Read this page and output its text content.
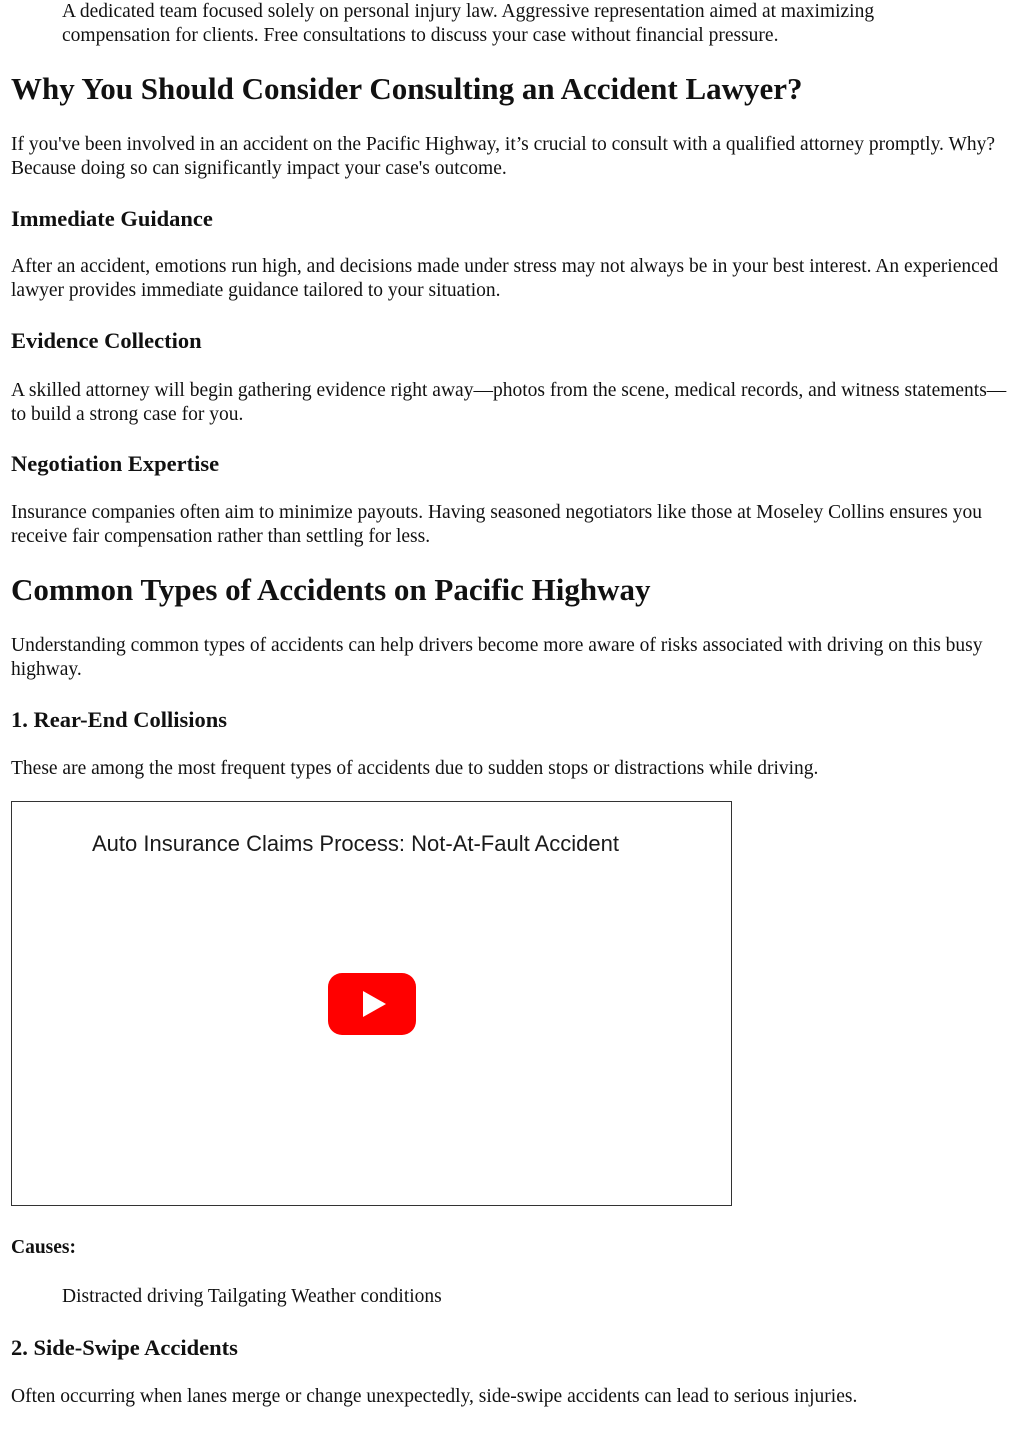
A dedicated team focused solely on personal injury law. Aggressive representation aimed at maximizing

compensation for clients. Free consultations to discuss your case without financial pressure.

Why You Should Consider Consulting an Accident Lawyer?

If you've been involved in an accident on the Pacific Highway, it’s crucial to consult with a qualified attorney promptly. Why? Because doing so can significantly impact your case's outcome.

Immediate Guidance

After an accident, emotions run high, and decisions made under stress may not always be in your best interest. An experienced lawyer provides immediate guidance tailored to your situation.

Evidence Collection

A skilled attorney will begin gathering evidence right away—photos from the scene, medical records, and witness statements—to build a strong case for you.

Negotiation Expertise

Insurance companies often aim to minimize payouts. Having seasoned negotiators like those at Moseley Collins ensures you receive fair compensation rather than settling for less.

Common Types of Accidents on Pacific Highway

Understanding common types of accidents can help drivers become more aware of risks associated with driving on this busy highway.

1. Rear-End Collisions

These are among the most frequent types of accidents due to sudden stops or distractions while driving.

Auto Insurance Claims Process: Not-At-Fault Accident

Causes:

Distracted driving Tailgating Weather conditions

2. Side-Swipe Accidents

Often occurring when lanes merge or change unexpectedly, side-swipe accidents can lead to serious injuries.
